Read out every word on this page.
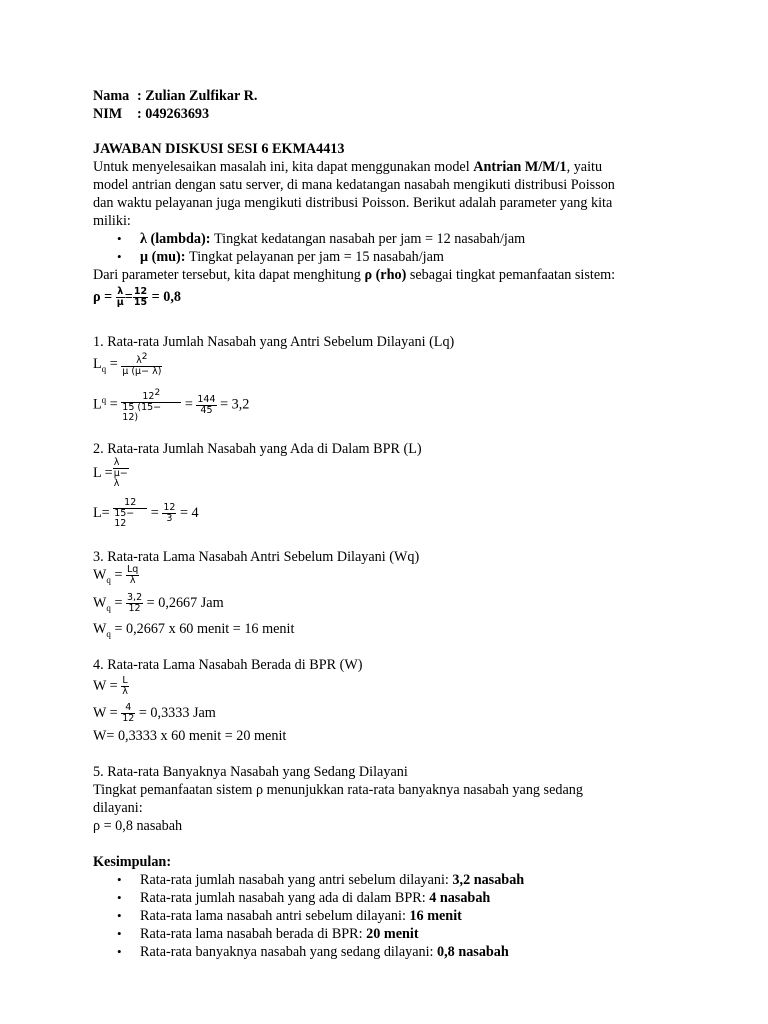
Nama : Zulian Zulfikar R.
NIM : 049263693
JAWABAN DISKUSI SESI 6 EKMA4413
Untuk menyelesaikan masalah ini, kita dapat menggunakan model Antrian M/M/1, yaitu
model antrian dengan satu server, di mana kedatangan nasabah mengikuti distribusi Poisson
dan waktu pelayanan juga mengikuti distribusi Poisson. Berikut adalah parameter yang kita
miliki:
• λ (lambda): Tingkat kedatangan nasabah per jam = 12 nasabah/jam
• μ (mu): Tingkat pelayanan per jam = 15 nasabah/jam
Dari parameter tersebut, kita dapat menghitung ρ (rho) sebagai tingkat pemanfaatan sistem:
$\rho = \frac{\lambda}{\mu} = \frac{12}{15} = 0,8$
1. Rata-rata Jumlah Nasabah yang Antri Sebelum Dilayani (Lq)
$L_q = \frac{\lambda^2}{\mu (\mu- \lambda)}$
$L^q$ =
$12^2$
15 (15−
12)
= $\frac{144}{45} = 3,2$
2. Rata-rata Jumlah Nasabah yang Ada di Dalam BPR (L)
L =
λ
μ−
λ
L=
12
15−
12
= $\frac{12}{3} = 4$
3. Rata-rata Lama Nasabah Antri Sebelum Dilayani (Wq)
$W_q = \frac{Lq}{\lambda}$
$W_q = \frac{3,2}{12} = 0,2667$ Jam
$W_q = 0,2667$ x 60 menit = 16 menit
4. Rata-rata Lama Nasabah Berada di BPR (W)
$W = \frac{L}{\lambda}$
$W = \frac{4}{12} = 0,3333$ Jam
W= 0,3333 x 60 menit = 20 menit
5. Rata-rata Banyaknya Nasabah yang Sedang Dilayani
Tingkat pemanfaatan sistem ρ menunjukkan rata-rata banyaknya nasabah yang sedang
dilayani:
ρ = 0,8 nasabah
Kesimpulan:
• Rata-rata jumlah nasabah yang antri sebelum dilayani: 3,2 nasabah
• Rata-rata jumlah nasabah yang ada di dalam BPR: 4 nasabah
• Rata-rata lama nasabah antri sebelum dilayani: 16 menit
• Rata-rata lama nasabah berada di BPR: 20 menit
• Rata-rata banyaknya nasabah yang sedang dilayani: 0,8 nasabah
